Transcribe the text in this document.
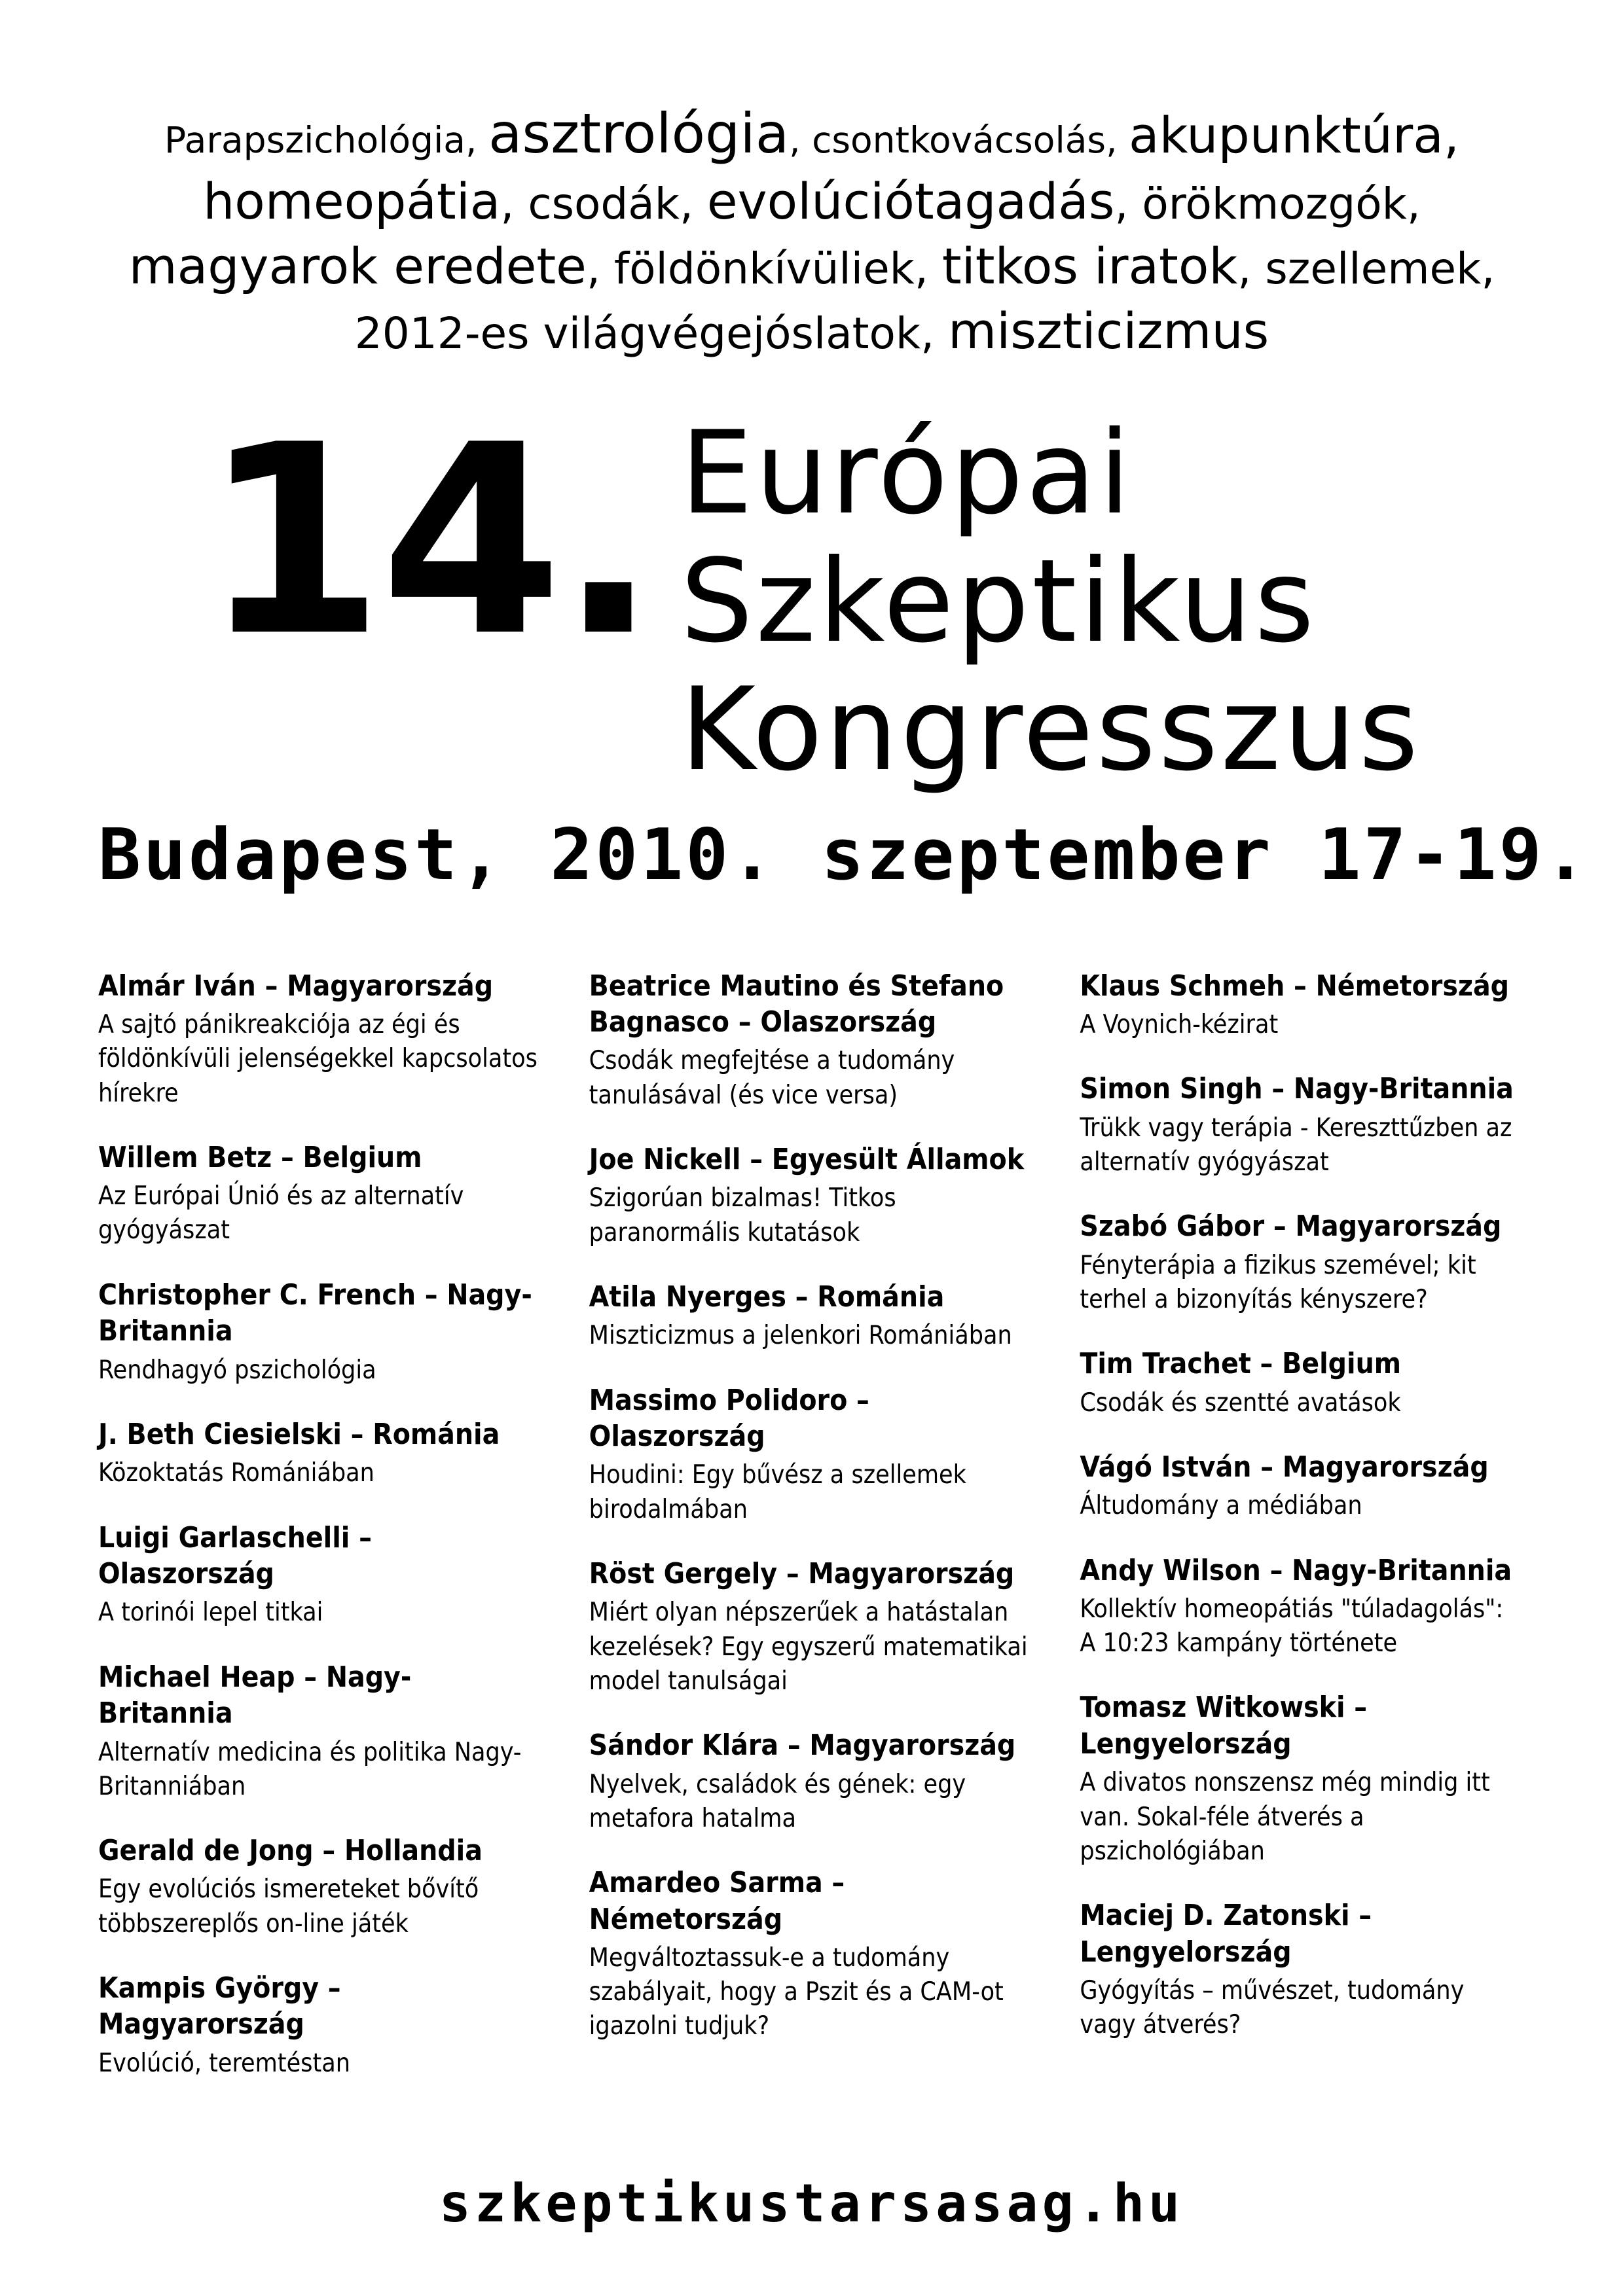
Parapszichológia, asztrológia, csontkovácsolás, akupunktúra,
homeopátia, csodák, evolúciótagadás, örökmozgók,
magyarok eredete, földönkívüliek, titkos iratok, szellemek,
2012-es világvégejóslatok, miszticizmus
14. Európai
Szkeptikus
Kongresszus
Budapest, 2010. szeptember 17-19.
Almár Iván – Magyarország
A sajtó pánikreakciója az égi és földönkívüli jelenségekkel kapcsolatos hírekre
Willem Betz – Belgium
Az Európai Únió és az alternatív gyógyászat
Christopher C. French – Nagy-Britannia
Rendhagyó pszichológia
J. Beth Ciesielski – Románia
Közoktatás Romániában
Luigi Garlaschelli – Olaszország
A torinói lepel titkai
Michael Heap – Nagy-Britannia
Alternatív medicina és politika Nagy-Britanniában
Gerald de Jong – Hollandia
Egy evolúciós ismereteket bővítő többszereplős on-line játék
Kampis György – Magyarország
Evolúció, teremtéstan
Beatrice Mautino és Stefano Bagnasco – Olaszország
Csodák megfejtése a tudomány tanulásával (és vice versa)
Joe Nickell – Egyesült Államok
Szigorúan bizalmas! Titkos paranormális kutatások
Atila Nyerges – Románia
Miszticizmus a jelenkori Romániában
Massimo Polidoro – Olaszország
Houdini: Egy bűvész a szellemek birodalmában
Röst Gergely – Magyarország
Miért olyan népszerűek a hatástalan kezelések? Egy egyszerű matematikai model tanulságai
Sándor Klára – Magyarország
Nyelvek, családok és gének: egy metafora hatalma
Amardeo Sarma – Németország
Megváltoztassuk-e a tudomány szabályait, hogy a Pszit és a CAM-ot igazolni tudjuk?
Klaus Schmeh – Németország
A Voynich-kézirat
Simon Singh – Nagy-Britannia
Trükk vagy terápia - Kereszttűzben az alternatív gyógyászat
Szabó Gábor – Magyarország
Fényterápia a fizikus szemével; kit terhel a bizonyítás kényszere?
Tim Trachet – Belgium
Csodák és szentté avatások
Vágó István – Magyarország
Áltudomány a médiában
Andy Wilson – Nagy-Britannia
Kollektív homeopátiás "túladagolás": A 10:23 kampány története
Tomasz Witkowski – Lengyelország
A divatos nonszensz még mindig itt van. Sokal-féle átverés a pszichológiában
Maciej D. Zatonski – Lengyelország
Gyógyítás – művészet, tudomány vagy átverés?
szkeptikustarsasag.hu
